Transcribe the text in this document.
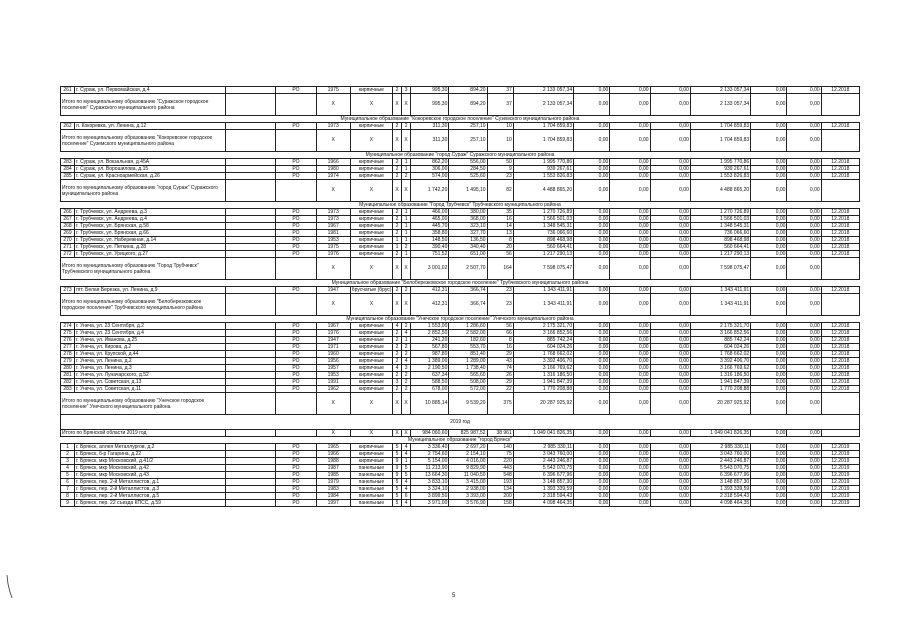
261	г. Сураж, ул. Первомайская, д.4		РО	1975	кирпичные	2	3	995,30	894,20	37	2 133 057,34	0,00	0,00	0,00	2 133 057,34	0,00	0,00	12.2018
Итого по муниципальному образованию "Суражское городское поселение" Суражского муниципального района				Х	Х	Х	Х	995,30	894,20	37	2 133 057,34	0,00	0,00	0,00	2 133 057,34	0,00	0,00	
Муниципальное образование "Кокоревское городское поселение" Суземского муниципального района																		
262	п. Кокоревка, ул. Ленина, д.12		РО	1973	кирпичные	2	2	311,30	257,10	10	1 704 859,83	0,00	0,00	0,00	1 704 859,83	0,00	0,00	12.2018
Итого по муниципальному образованию "Кокоревское городское поселение" Суземского муниципального района				Х	Х	Х	Х	311,30	257,10	10	1 704 859,83	0,00	0,00	0,00	1 704 859,83	0,00	0,00	
Муниципальное образование "город Сураж" Суражского муниципального района																		
283	г. Сураж, ул. Вокзальная, д.45А		РО	1966	кирпичные	2	1	862,20	556,00	50	1 995 770,86	0,00	0,00	0,00	1 995 770,86	0,00	0,00	12.2018
284	г. Сураж, ул. Ворошилова, д.15		РО	1980	кирпичные	2	1	306,00	284,50	9	939 267,61	0,00	0,00	0,00	939 267,61	0,00	0,00	12.2018
285	г. Сураж, ул. Красноармейская, д.26		РО	1974	кирпичные	2	2	574,00	525,60	23	1 553 826,83	0,00	0,00	0,00	1 553 826,83	0,00	0,00	12.2018
Итого по муниципальному образованию "город Сураж" Суражского муниципального района				Х	Х	Х	Х	1 742,20	1 495,10	82	4 488 865,20	0,00	0,00	0,00	4 488 865,20	0,00	0,00	
Муниципальное образование "Город Трубчевск" Трубчевского муниципального района																		
266	г. Трубчевск, ул. Андреева, д.3		РО	1973	кирпичные	2	1	466,00	380,00	35	1 270 726,89	0,00	0,00	0,00	1 270 726,89	0,00	0,00	12.2018
267	г. Трубчевск, ул. Андреева, д.4		РО	1973	кирпичные	2	1	465,00	368,00	16	1 566 501,03	0,00	0,00	0,00	1 566 501,03	0,00	0,00	12.2018
268	г. Трубчевск, ул. Брянская, д.58		РО	1967	кирпичные	2	1	445,70	323,10	14	1 348 545,31	0,00	0,00	0,00	1 348 545,31	0,00	0,00	12.2018
269	г. Трубчевск, ул. Брянская, д.66		РО	1981	кирпичные	2	1	358,80	327,70	13	736 066,60	0,00	0,00	0,00	736 066,60	0,00	0,00	12.2018
270	г. Трубчевск, ул. Набережная, д.14		РО	1953	кирпичные	1	1	148,50	136,50	8	898 468,98	0,00	0,00	0,00	898 468,98	0,00	0,00	12.2018
271	г. Трубчевск, ул. Петкина, д.28		РО	1975	кирпичные	1	2	390,40	340,40	20	560 664,41	0,00	0,00	0,00	560 664,41	0,00	0,00	12.2018
272	г. Трубчевск, ул. Урицкого, д.27		РО	1976	кирпичные	2	1	751,52	651,00	56	1 217 290,13	0,00	0,00	0,00	1 217 290,13	0,00	0,00	12.2018
Итого по муниципальному образованию "Город Трубчевск" Трубчевского муниципального района				Х	Х	Х	Х	3 001,02	2 507,70	164	7 598 075,47	0,00	0,00	0,00	7 598 075,47	0,00	0,00	
Муниципальное образование "Белоберезковское городское поселение" Трубчевского муниципального района																		
273	пгт. Белая Березка, ул. Ленина, д.9		РО	1947	брусчатые (брус)	2	2	412,31	366,74	23	1 343 411,91	0,00	0,00	0,00	1 343 411,91	0,00	0,00	12.2018
Итого по муниципальному образованию "Белоберезковское городское поселение" Трубчевского муниципального района				Х	Х	Х	Х	412,31	366,74	23	1 343 411,91	0,00	0,00	0,00	1 343 411,91	0,00	0,00	
Муниципальное образование "Унечское городское поселение" Унечского муниципального района																		
274	г. Унеча, ул. 23 Сентября, д.2		РО	1967	кирпичные	4	2	1 553,00	1 286,60	56	2 175 321,70	0,00	0,00	0,00	2 175 321,70	0,00	0,00	12.2018
275	г. Унеча, ул. 23 Сентября, д.4		РО	1976	кирпичные	2	4	2 852,50	2 582,00	66	3 166 852,56	0,00	0,00	0,00	3 166 852,56	0,00	0,00	12.2018
276	г. Унеча, ул. Иванова, д.25		РО	1947	кирпичные	2	1	241,20	182,60	8	885 742,24	0,00	0,00	0,00	885 742,24	0,00	0,00	12.2018
277	г. Унеча, ул. Кирова, д.2		РО	1971	кирпичные	2	2	567,80	553,70	16	604 024,26	0,00	0,00	0,00	604 024,26	0,00	0,00	12.2018
278	г. Унеча, ул. Крупской, д.44		РО	1960	кирпичные	2	2	987,80	851,40	29	1 768 662,02	0,00	0,00	0,00	1 768 662,02	0,00	0,00	12.2018
279	г. Унеча, ул. Ленина, д.2		РО	1956	кирпичные	2	4	1 389,00	1 289,00	43	3 392 406,70	0,00	0,00	0,00	3 392 406,70	0,00	0,00	12.2018
280	г. Унеча, ул. Ленина, д.3		РО	1957	кирпичные	4	3	2 190,50	1 738,40	74	3 166 769,62	0,00	0,00	0,00	3 166 769,62	0,00	0,00	12.2018
281	г. Унеча, ул. Луначарского, д.52		РО	1953	кирпичные	2	2	637,34	565,60	26	1 316 186,50	0,00	0,00	0,00	1 316 186,50	0,00	0,00	12.2018
282	г. Унеча, ул. Советская, д.13		РО	1991	кирпичные	3	2	588,50	508,00	29	1 941 847,39	0,00	0,00	0,00	1 941 847,39	0,00	0,00	12.2018
283	г. Унеча, ул. Советская, д.11		РО	1962	кирпичные	2	2	678,00	572,00	22	1 770 208,88	0,00	0,00	0,00	1 770 208,88	0,00	0,00	12.2018
Итого по муниципальному образованию "Унечское городское поселение" Унечского муниципального района				Х	Х	Х	Х	10 885,14	9 539,20	375	20 287 925,92	0,00	0,00	0,00	20 287 925,92	0,00	0,00	
2019 год																		
Итого по Брянской области 2019 год				Х	Х	Х	Х	984 060,60	825 987,52	38 961	1 049 041 826,35	0,00	0,00	0,00	1 049 041 826,35	0,00	0,00	
Муниципальное образование "город Брянск"																		
1	г. Брянск, аллея Металлургов, д.2		РО	1965	кирпичные	5	4	3 336,40	2 697,20	140	2 985 330,11	0,00	0,00	0,00	2 985 330,11	0,00	0,00	12.2019
2	г. Брянск, б-р Гагарина, д.22		РО	1966	кирпичные	5	4	2 754,60	2 154,10	75	3 043 760,00	0,00	0,00	0,00	3 043 760,00	0,00	0,00	12.2019
3	г. Брянск, мкр Московский, д.41/2		РО	1988	кирпичные	9	1	5 154,00	4 016,00	220	2 443 246,87	0,00	0,00	0,00	2 443 246,87	0,00	0,00	12.2019
4	г. Брянск, мкр Московский, д.42		РО	1987	панельные	9	5	11 213,90	9 829,90	443	5 543 070,75	0,00	0,00	0,00	5 543 070,75	0,00	0,00	12.2019
5	г. Брянск, мкр Московский, д.43		РО	1985	панельные	9	5	13 664,30	11 040,50	548	6 396 677,96	0,00	0,00	0,00	6 396 677,96	0,00	0,00	12.2019
6	г. Брянск, пер. 2-й Металлистов, д.1		РО	1979	панельные	5	4	3 833,10	3 415,00	193	3 148 857,30	0,00	0,00	0,00	3 148 857,30	0,00	0,00	12.2019
7	г. Брянск, пер. 2-й Металлистов, д.3		РО	1983	панельные	5	4	3 324,10	2 938,00	134	1 393 339,59	0,00	0,00	0,00	1 393 339,59	0,00	0,00	12.2019
8	г. Брянск, пер. 2-й Металлистов, д.5		РО	1984	панельные	5	6	3 899,50	3 393,00	200	2 318 594,43	0,00	0,00	0,00	2 318 594,43	0,00	0,00	12.2019
9	г. Брянск, пер. 22 съезда КПСС, д.59		РО	1997	панельные	5	4	3 971,00	3 576,90	158	4 098 464,35	0,00	0,00	0,00	4 098 464,35	0,00	0,00	12.2019
5
